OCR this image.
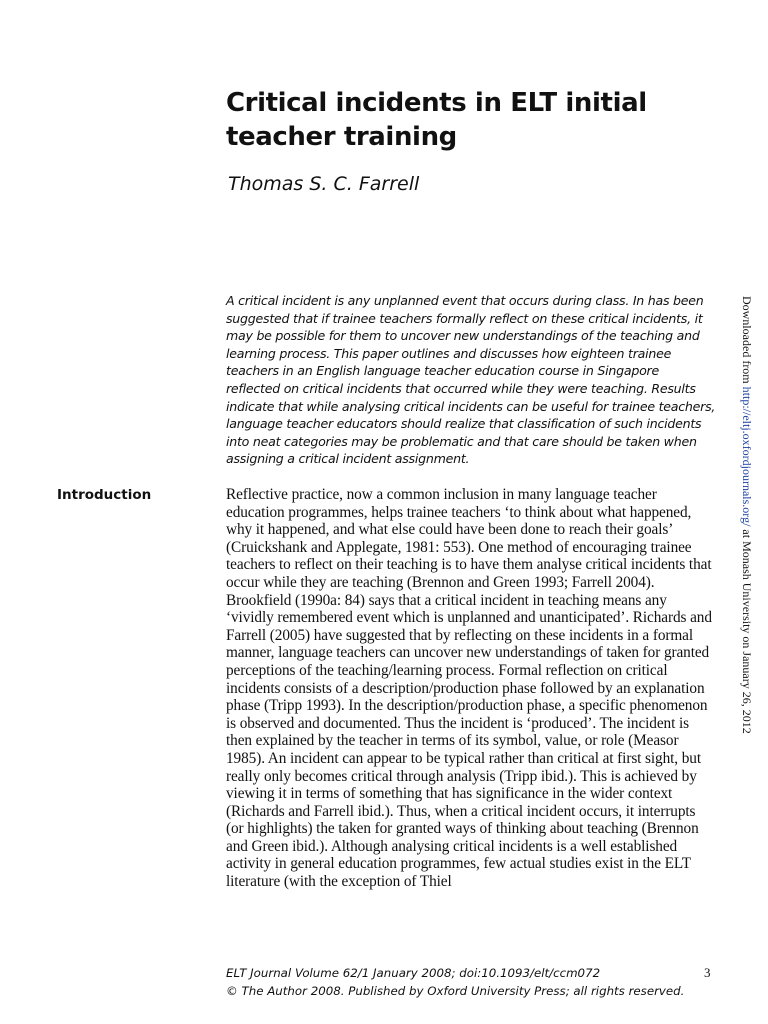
Critical incidents in ELT initial teacher training

Thomas S. C. Farrell

A critical incident is any unplanned event that occurs during class. In has been suggested that if trainee teachers formally reflect on these critical incidents, it may be possible for them to uncover new understandings of the teaching and learning process. This paper outlines and discusses how eighteen trainee teachers in an English language teacher education course in Singapore reflected on critical incidents that occurred while they were teaching. Results indicate that while analysing critical incidents can be useful for trainee teachers, language teacher educators should realize that classification of such incidents into neat categories may be problematic and that care should be taken when assigning a critical incident assignment.

Introduction	Reflective practice, now a common inclusion in many language teacher education programmes, helps trainee teachers ‘to think about what happened, why it happened, and what else could have been done to reach their goals’ (Cruickshank and Applegate, 1981: 553). One method of encouraging trainee teachers to reflect on their teaching is to have them analyse critical incidents that occur while they are teaching (Brennon and Green 1993; Farrell 2004). Brookfield (1990a: 84) says that a critical incident in teaching means any ‘vividly remembered event which is unplanned and unanticipated’. Richards and Farrell (2005) have suggested that by reflecting on these incidents in a formal manner, language teachers can uncover new understandings of taken for granted perceptions of the teaching/learning process. Formal reflection on critical incidents consists of a description/production phase followed by an explanation phase (Tripp 1993). In the description/production phase, a specific phenomenon is observed and documented. Thus the incident is ‘produced’. The incident is then explained by the teacher in terms of its symbol, value, or role (Measor 1985). An incident can appear to be typical rather than critical at first sight, but really only becomes critical through analysis (Tripp ibid.). This is achieved by viewing it in terms of something that has significance in the wider context (Richards and Farrell ibid.). Thus, when a critical incident occurs, it interrupts (or highlights) the taken for granted ways of thinking about teaching (Brennon and Green ibid.). Although analysing critical incidents is a well established activity in general education programmes, few actual studies exist in the ELT literature (with the exception of Thiel

ELT Journal Volume 62/1 January 2008; doi:10.1093/elt/ccm072

© The Author 2008. Published by Oxford University Press; all rights reserved.

3

Downloaded from http://eltj.oxfordjournals.org/ at Monash University on January 26, 2012
